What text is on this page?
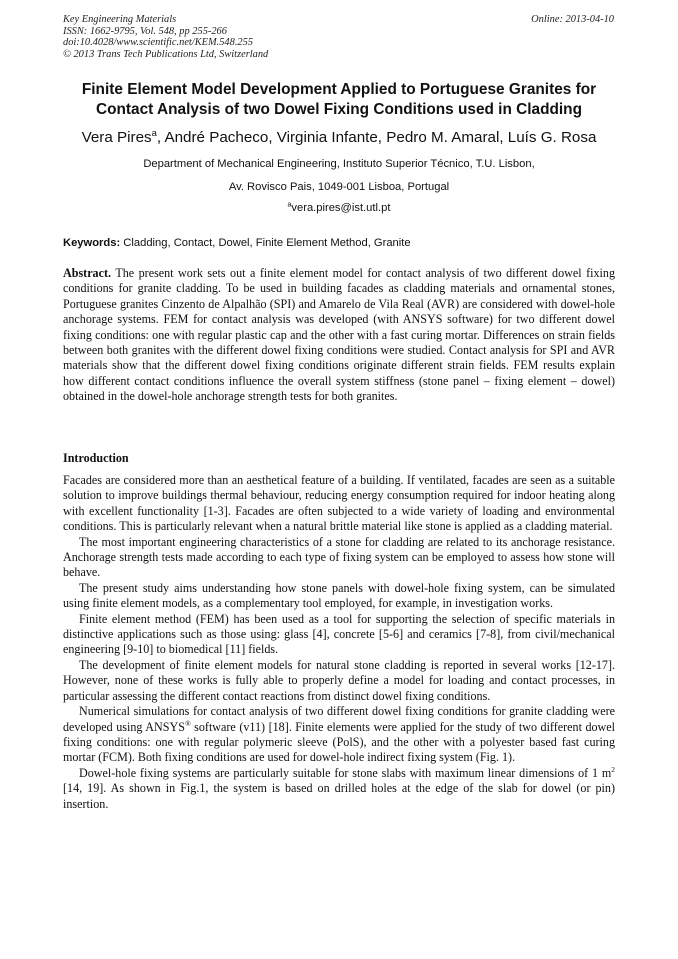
Key Engineering Materials
ISSN: 1662-9795, Vol. 548, pp 255-266
doi:10.4028/www.scientific.net/KEM.548.255
© 2013 Trans Tech Publications Ltd, Switzerland
Online: 2013-04-10
Finite Element Model Development Applied to Portuguese Granites for
Contact Analysis of two Dowel Fixing Conditions used in Cladding
Vera Pires$^a$, André Pacheco, Virginia Infante, Pedro M. Amaral, Luís G. Rosa
Department of Mechanical Engineering, Instituto Superior Técnico, T.U. Lisbon,
Av. Rovisco Pais, 1049-001 Lisboa, Portugal
$^a$vera.pires@ist.utl.pt
Keywords: Cladding, Contact, Dowel, Finite Element Method, Granite
Abstract. The present work sets out a finite element model for contact analysis of two different dowel fixing conditions for granite cladding. To be used in building facades as cladding materials and ornamental stones, Portuguese granites Cinzento de Alpalhão (SPI) and Amarelo de Vila Real (AVR) are considered with dowel-hole anchorage systems. FEM for contact analysis was developed (with ANSYS software) for two different dowel fixing conditions: one with regular plastic cap and the other with a fast curing mortar. Differences on strain fields between both granites with the different dowel fixing conditions were studied. Contact analysis for SPI and AVR materials show that the different dowel fixing conditions originate different strain fields. FEM results explain how different contact conditions influence the overall system stiffness (stone panel – fixing element – dowel) obtained in the dowel-hole anchorage strength tests for both granites.
Introduction

Facades are considered more than an aesthetical feature of a building. If ventilated, facades are seen as a suitable solution to improve buildings thermal behaviour, reducing energy consumption required for indoor heating along with excellent functionality [1-3]. Facades are often subjected to a wide variety of loading and environmental conditions. This is particularly relevant when a natural brittle material like stone is applied as a cladding material.

The most important engineering characteristics of a stone for cladding are related to its anchorage resistance. Anchorage strength tests made according to each type of fixing system can be employed to assess how stone will behave.

The present study aims understanding how stone panels with dowel-hole fixing system, can be simulated using finite element models, as a complementary tool employed, for example, in investigation works.

Finite element method (FEM) has been used as a tool for supporting the selection of specific materials in distinctive applications such as those using: glass [4], concrete [5-6] and ceramics [7-8], from civil/mechanical engineering [9-10] to biomedical [11] fields.

The development of finite element models for natural stone cladding is reported in several works [12-17]. However, none of these works is fully able to properly define a model for loading and contact processes, in particular assessing the different contact reactions from distinct dowel fixing conditions.

Numerical simulations for contact analysis of two different dowel fixing conditions for granite cladding were developed using ANSYS® software (v11) [18]. Finite elements were applied for the study of two different dowel fixing conditions: one with regular polymeric sleeve (PolS), and the other with a polyester based fast curing mortar (FCM). Both fixing conditions are used for dowel-hole indirect fixing system (Fig. 1).

Dowel-hole fixing systems are particularly suitable for stone slabs with maximum linear dimensions of 1 $m^2$ [14, 19]. As shown in Fig.1, the system is based on drilled holes at the edge of the slab for dowel (or pin) insertion.
